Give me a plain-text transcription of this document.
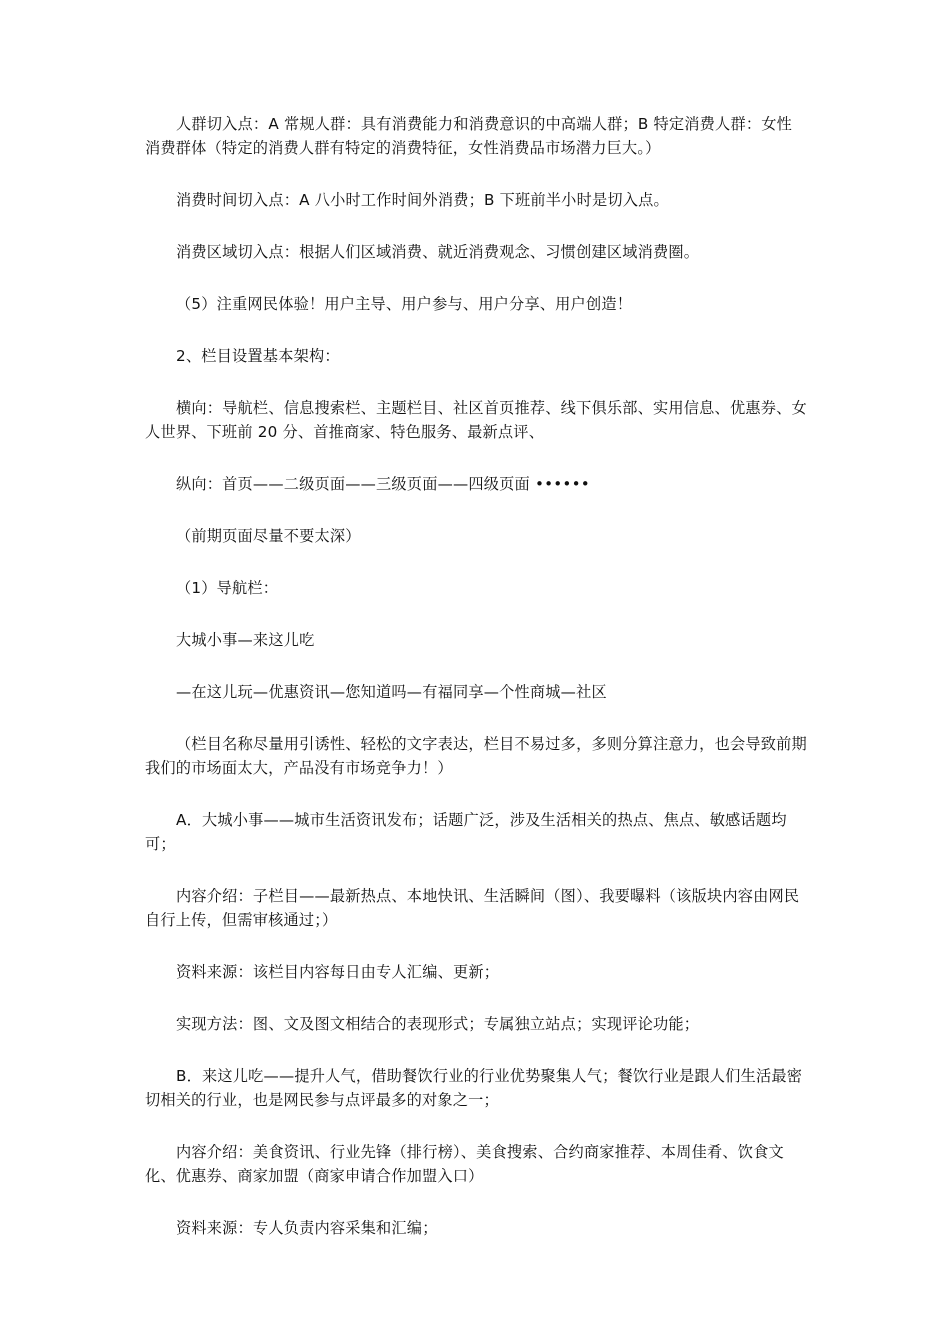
人群切入点：A 常规人群：具有消费能力和消费意识的中高端人群；B 特定消费人群：女性消费群体（特定的消费人群有特定的消费特征，女性消费品市场潜力巨大。）

消费时间切入点：A 八小时工作时间外消费；B 下班前半小时是切入点。

消费区域切入点：根据人们区域消费、就近消费观念、习惯创建区域消费圈。

（5）注重网民体验！用户主导、用户参与、用户分享、用户创造！

2、栏目设置基本架构：

横向：导航栏、信息搜索栏、主题栏目、社区首页推荐、线下俱乐部、实用信息、优惠券、女人世界、下班前 20 分、首推商家、特色服务、最新点评、

纵向：首页——二级页面——三级页面——四级页面 ••••••

（前期页面尽量不要太深）

（1）导航栏：

大城小事—来这儿吃

—在这儿玩—优惠资讯—您知道吗—有福同享—个性商城—社区

（栏目名称尽量用引诱性、轻松的文字表达，栏目不易过多，多则分算注意力，也会导致前期我们的市场面太大，产品没有市场竞争力！）

A．大城小事——城市生活资讯发布；话题广泛，涉及生活相关的热点、焦点、敏感话题均可；

内容介绍：子栏目——最新热点、本地快讯、生活瞬间（图）、我要曝料（该版块内容由网民自行上传，但需审核通过；）

资料来源：该栏目内容每日由专人汇编、更新；

实现方法：图、文及图文相结合的表现形式；专属独立站点；实现评论功能；

B．来这儿吃——提升人气，借助餐饮行业的行业优势聚集人气；餐饮行业是跟人们生活最密切相关的行业，也是网民参与点评最多的对象之一；

内容介绍：美食资讯、行业先锋（排行榜）、美食搜索、合约商家推荐、本周佳肴、饮食文化、优惠券、商家加盟（商家申请合作加盟入口）

资料来源：专人负责内容采集和汇编；
